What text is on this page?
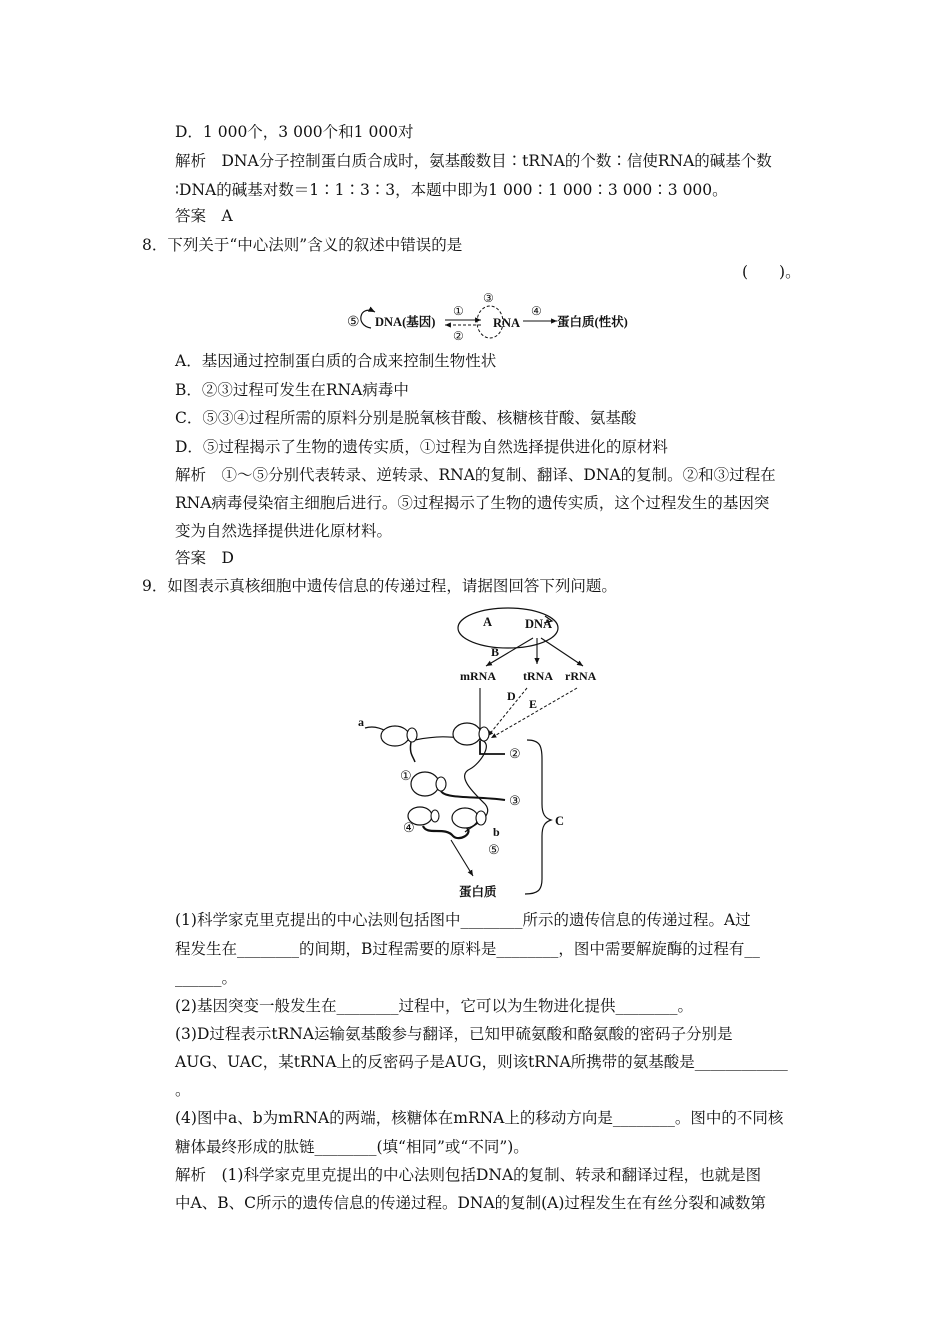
D．1 000个，3 000个和1 000对
解析　DNA分子控制蛋白质合成时，氨基酸数目∶tRNA的个数∶信使RNA的碱基个数
∶DNA的碱基对数＝1∶1∶3∶3，本题中即为1 000∶1 000∶3 000∶3 000。
答案　A
8．下列关于“中心法则”含义的叙述中错误的是
(　　)。
⑤ DNA(基因)
①
②
③
RNA
④
蛋白质(性状)
A．基因通过控制蛋白质的合成来控制生物性状
B．②③过程可发生在RNA病毒中
C．⑤③④过程所需的原料分别是脱氧核苷酸、核糖核苷酸、氨基酸
D．⑤过程揭示了生物的遗传实质，①过程为自然选择提供进化的原材料
解析　①～⑤分别代表转录、逆转录、RNA的复制、翻译、DNA的复制。②和③过程在
RNA病毒侵染宿主细胞后进行。⑤过程揭示了生物的遗传实质，这个过程发生的基因突
变为自然选择提供进化原材料。
答案　D
9．如图表示真核细胞中遗传信息的传递过程，请据图回答下列问题。
A	DNA
B
mRNA tRNA rRNA
D
E
a
①
②
③
④	b
⑤
蛋白质
C
(1)科学家克里克提出的中心法则包括图中________所示的遗传信息的传递过程。A过
程发生在________的间期，B过程需要的原料是________，图中需要解旋酶的过程有__
______。
(2)基因突变一般发生在________过程中，它可以为生物进化提供________。
(3)D过程表示tRNA运输氨基酸参与翻译，已知甲硫氨酸和酪氨酸的密码子分别是
AUG、UAC，某tRNA上的反密码子是AUG，则该tRNA所携带的氨基酸是____________
。
(4)图中a、b为mRNA的两端，核糖体在mRNA上的移动方向是________。图中的不同核
糖体最终形成的肽链________(填“相同”或“不同”)。
解析　(1)科学家克里克提出的中心法则包括DNA的复制、转录和翻译过程，也就是图
中A、B、C所示的遗传信息的传递过程。DNA的复制(A)过程发生在有丝分裂和减数第
